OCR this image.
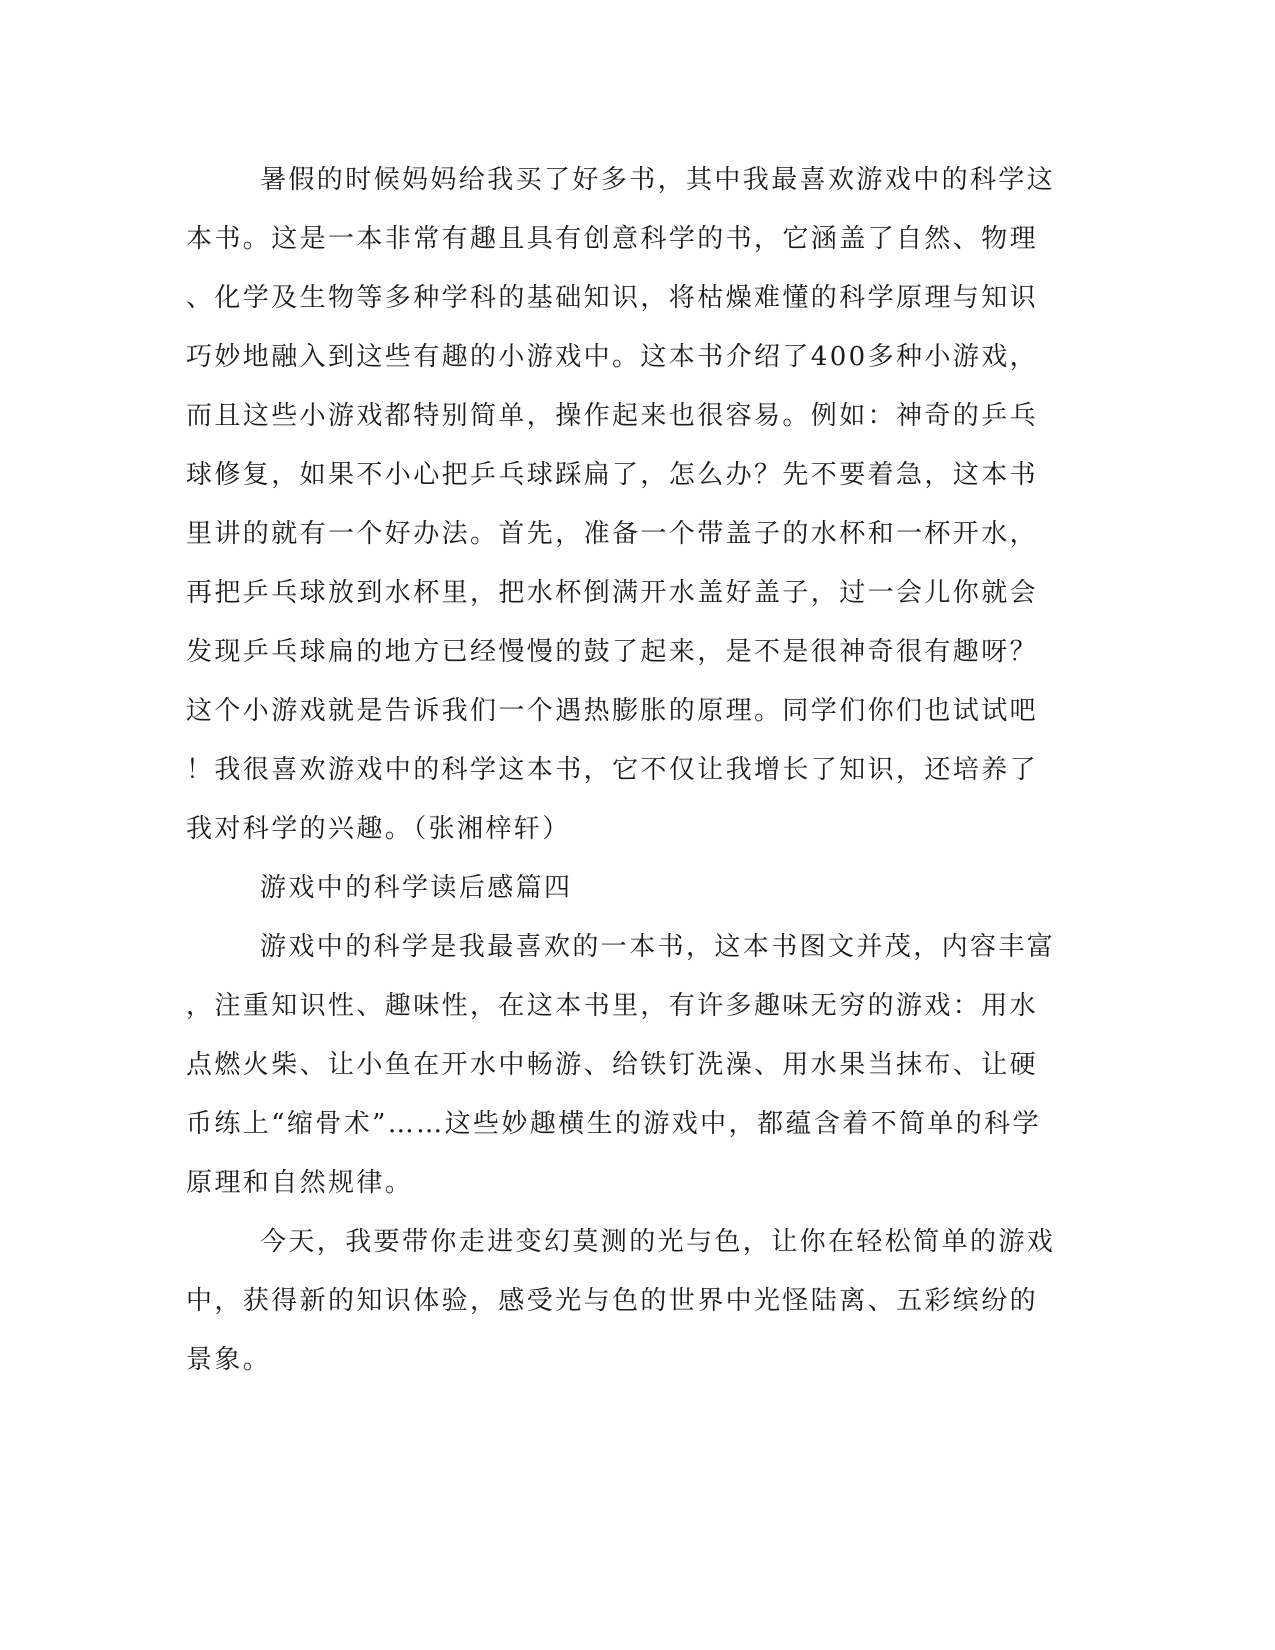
暑假的时候妈妈给我买了好多书，其中我最喜欢游戏中的科学这

本书。这是一本非常有趣且具有创意科学的书，它涵盖了自然、物理

、化学及生物等多种学科的基础知识，将枯燥难懂的科学原理与知识

巧妙地融入到这些有趣的小游戏中。这本书介绍了400多种小游戏，

而且这些小游戏都特别简单，操作起来也很容易。例如：神奇的乒乓

球修复，如果不小心把乒乓球踩扁了，怎么办？先不要着急，这本书

里讲的就有一个好办法。首先，准备一个带盖子的水杯和一杯开水，

再把乒乓球放到水杯里，把水杯倒满开水盖好盖子，过一会儿你就会

发现乒乓球扁的地方已经慢慢的鼓了起来，是不是很神奇很有趣呀？

这个小游戏就是告诉我们一个遇热膨胀的原理。同学们你们也试试吧

！我很喜欢游戏中的科学这本书，它不仅让我增长了知识，还培养了

我对科学的兴趣。（张湘梓轩）

游戏中的科学读后感篇四

游戏中的科学是我最喜欢的一本书，这本书图文并茂，内容丰富

，注重知识性、趣味性，在这本书里，有许多趣味无穷的游戏：用水

点燃火柴、让小鱼在开水中畅游、给铁钉洗澡、用水果当抹布、让硬

币练上“缩骨术”……这些妙趣横生的游戏中，都蕴含着不简单的科学

原理和自然规律。

今天，我要带你走进变幻莫测的光与色，让你在轻松简单的游戏

中，获得新的知识体验，感受光与色的世界中光怪陆离、五彩缤纷的

景象。
